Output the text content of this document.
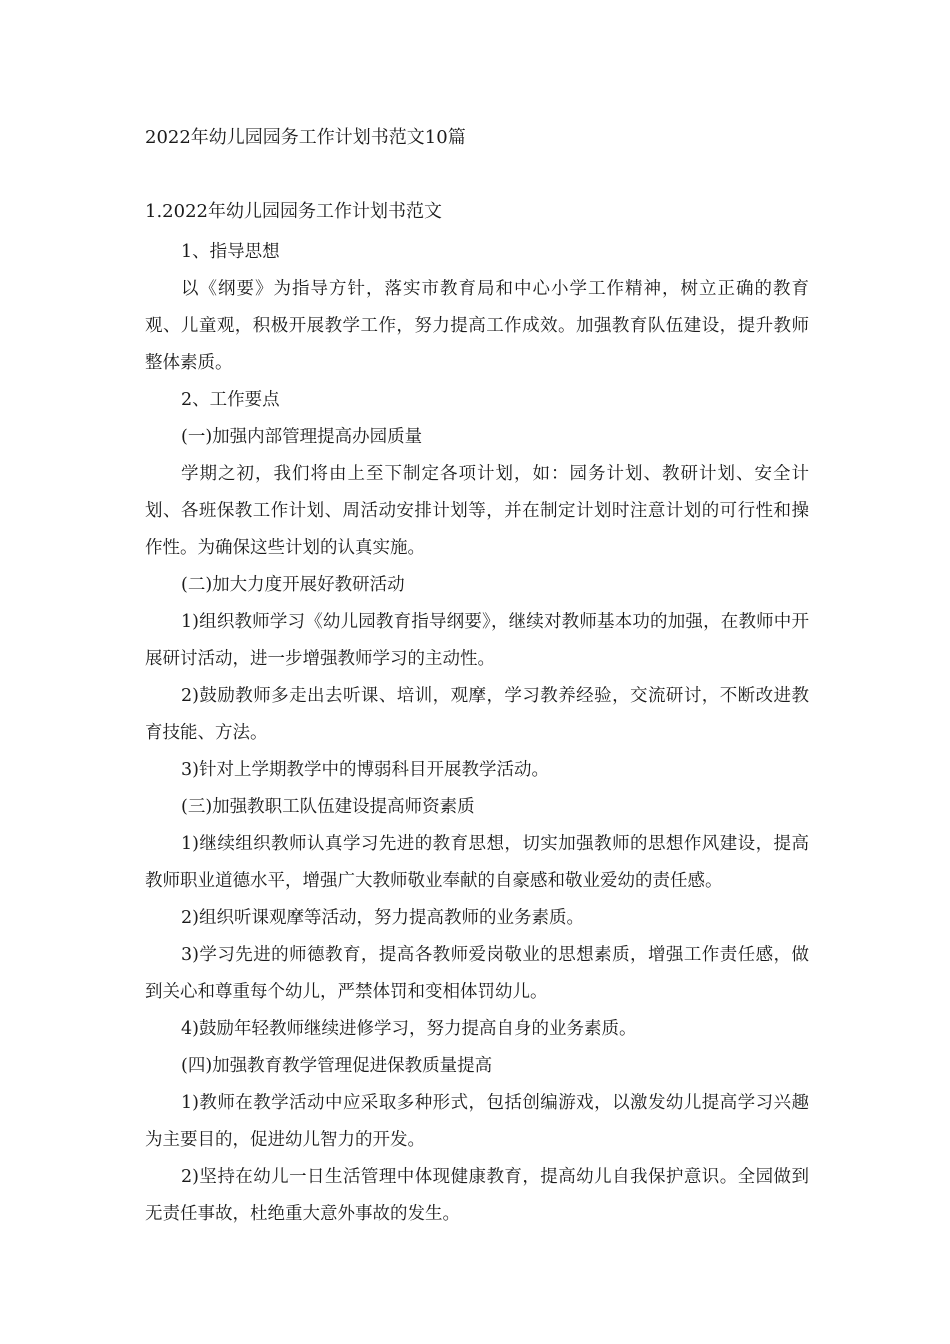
2022年幼儿园园务工作计划书范文10篇
1.2022年幼儿园园务工作计划书范文

1、指导思想

以《纲要》为指导方针，落实市教育局和中心小学工作精神，树立正确的教育观、儿童观，积极开展教学工作，努力提高工作成效。加强教育队伍建设，提升教师整体素质。

2、工作要点

(一)加强内部管理提高办园质量

学期之初，我们将由上至下制定各项计划，如：园务计划、教研计划、安全计划、各班保教工作计划、周活动安排计划等，并在制定计划时注意计划的可行性和操作性。为确保这些计划的认真实施。

(二)加大力度开展好教研活动

1)组织教师学习《幼儿园教育指导纲要》，继续对教师基本功的加强，在教师中开展研讨活动，进一步增强教师学习的主动性。

2)鼓励教师多走出去听课、培训，观摩，学习教养经验，交流研讨，不断改进教育技能、方法。

3)针对上学期教学中的博弱科目开展教学活动。

(三)加强教职工队伍建设提高师资素质

1)继续组织教师认真学习先进的教育思想，切实加强教师的思想作风建设，提高教师职业道德水平，增强广大教师敬业奉献的自豪感和敬业爱幼的责任感。

2)组织听课观摩等活动，努力提高教师的业务素质。

3)学习先进的师德教育，提高各教师爱岗敬业的思想素质，增强工作责任感，做到关心和尊重每个幼儿，严禁体罚和变相体罚幼儿。

4)鼓励年轻教师继续进修学习，努力提高自身的业务素质。

(四)加强教育教学管理促进保教质量提高

1)教师在教学活动中应采取多种形式，包括创编游戏，以激发幼儿提高学习兴趣为主要目的，促进幼儿智力的开发。

2)坚持在幼儿一日生活管理中体现健康教育，提高幼儿自我保护意识。全园做到无责任事故，杜绝重大意外事故的发生。
